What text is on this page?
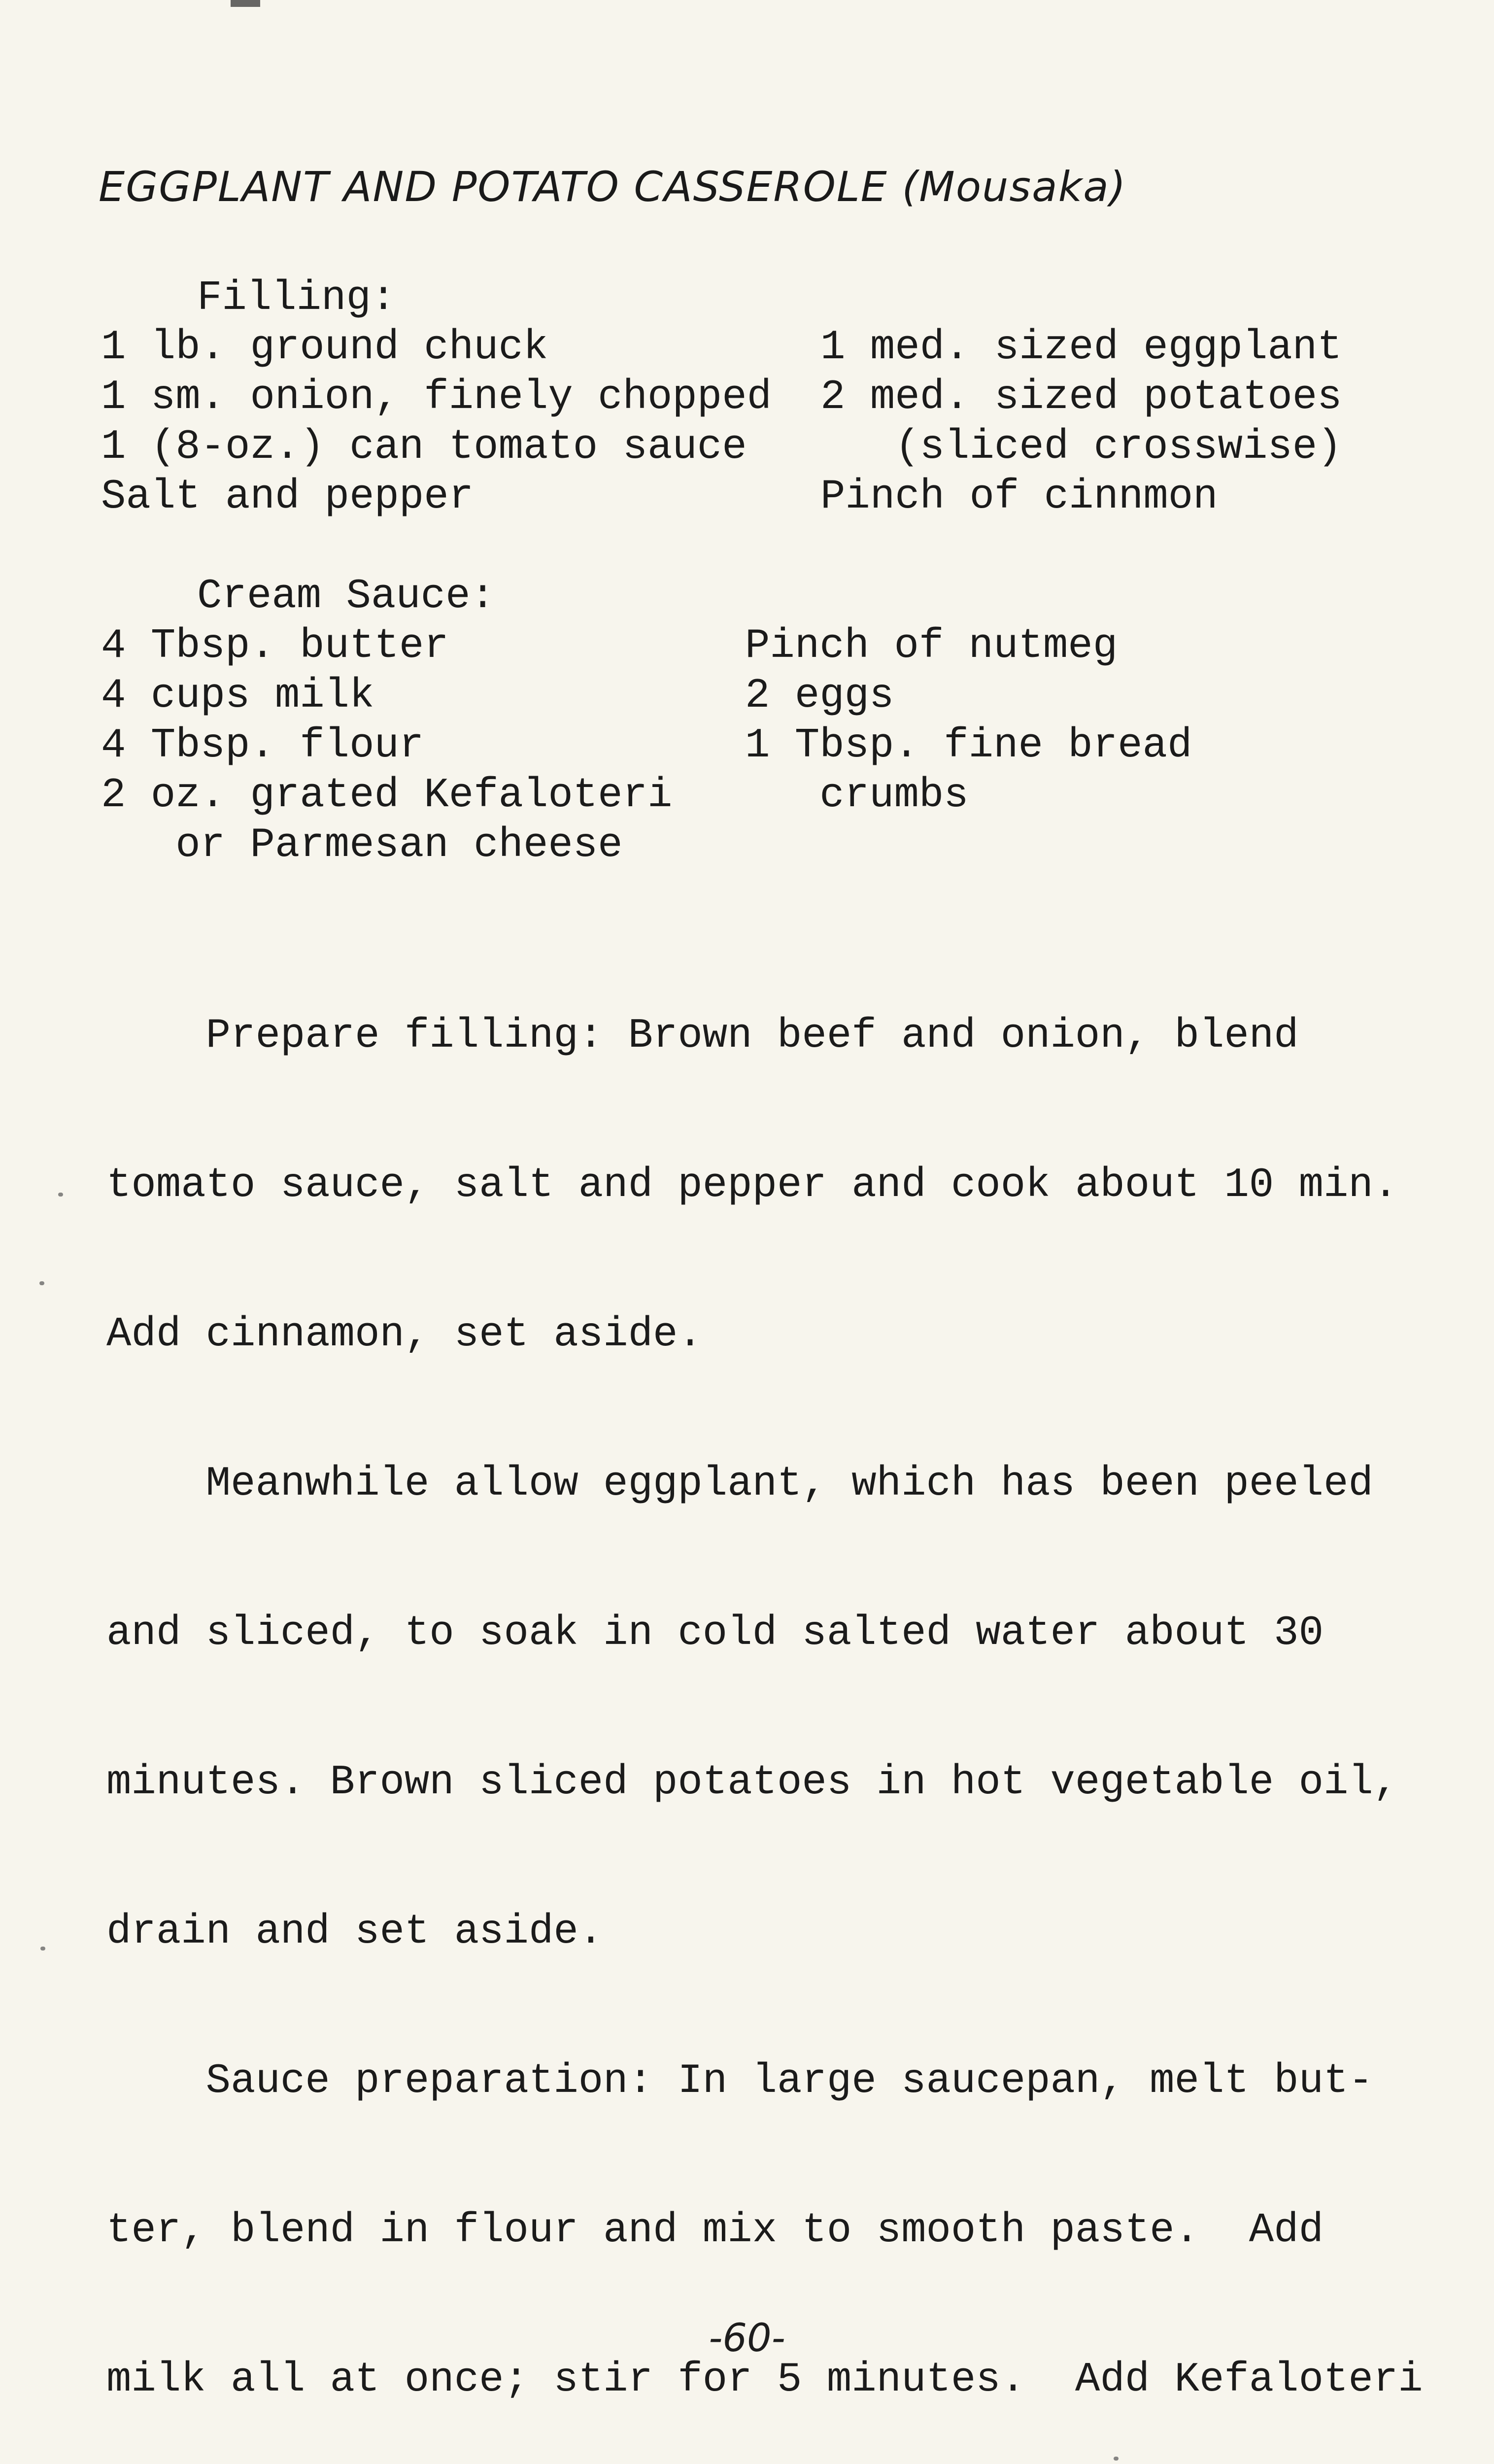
EGGPLANT AND POTATO CASSEROLE (Mousaka)
Filling:
1 lb. ground chuck
1 sm. onion, finely chopped
1 (8-oz.) can tomato sauce
Salt and pepper
1 med. sized eggplant
2 med. sized potatoes
(sliced crosswise)
Pinch of cinnmon
Cream Sauce:
4 Tbsp. butter
4 cups milk
4 Tbsp. flour
2 oz. grated Kefaloteri
or Parmesan cheese
Pinch of nutmeg
2 eggs
1 Tbsp. fine bread
crumbs

Prepare filling: Brown beef and onion, blend

tomato sauce, salt and pepper and cook about 10 min.

Add cinnamon, set aside.

Meanwhile allow eggplant, which has been peeled

and sliced, to soak in cold salted water about 30

minutes. Brown sliced potatoes in hot vegetable oil,

drain and set aside.

Sauce preparation: In large saucepan, melt but-

ter, blend in flour and mix to smooth paste.  Add

milk all at once; stir for 5 minutes.  Add Kefaloteri

-60-
